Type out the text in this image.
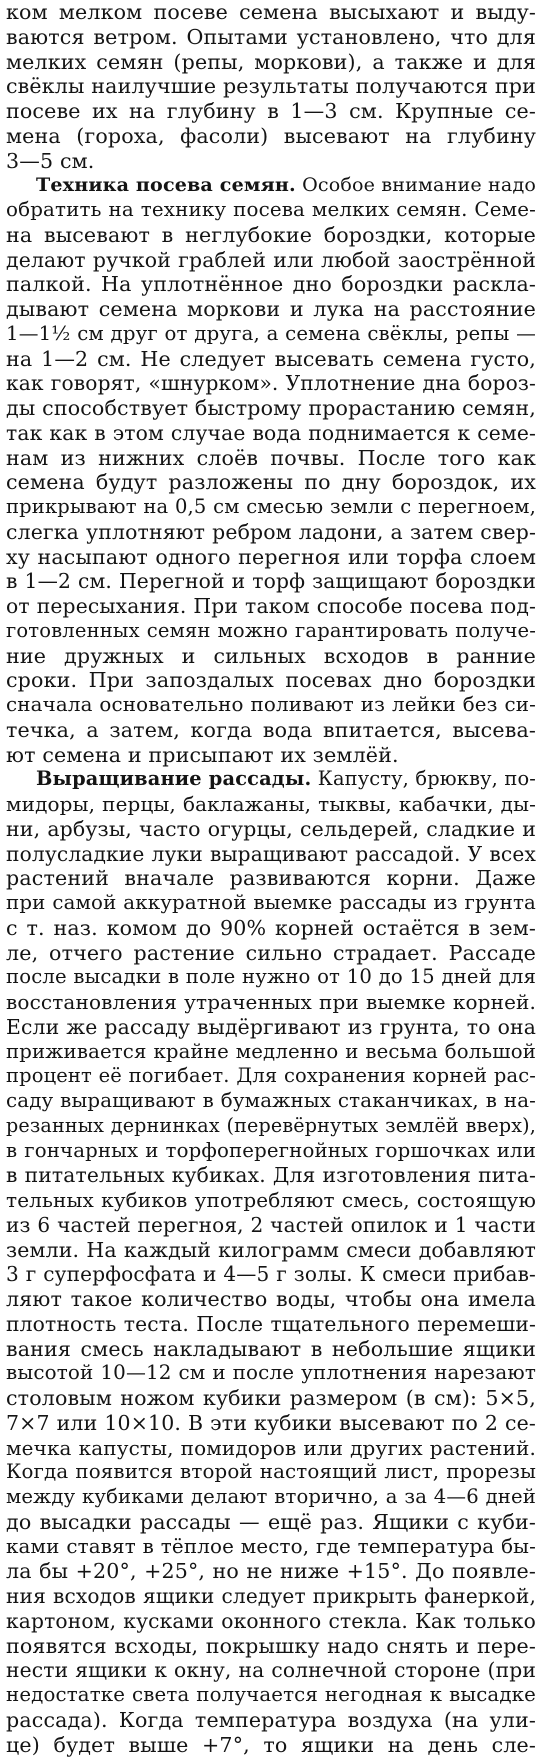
ком мелком посеве семена высыхают и выду-
ваются ветром. Опытами установлено, что для
мелких семян (репы, моркови), а также и для
свёклы наилучшие результаты получаются при
посеве их на глубину в 1—3 см. Крупные се-
мена (гороха, фасоли) высевают на глубину
3—5 см.
Техника посева семян. Особое внимание надо
обратить на технику посева мелких семян. Семе-
на высевают в неглубокие бороздки, которые
делают ручкой граблей или любой заострённой
палкой. На уплотнённое дно бороздки раскла-
дывают семена моркови и лука на расстояние
1—1½ см друг от друга, а семена свёклы, репы —
на 1—2 см. Не следует высевать семена густо,
как говорят, «шнурком». Уплотнение дна бороз-
ды способствует быстрому прорастанию семян,
так как в этом случае вода поднимается к семе-
нам из нижних слоёв почвы. После того как
семена будут разложены по дну бороздок, их
прикрывают на 0,5 см смесью земли с перегноем,
слегка уплотняют ребром ладони, а затем свер-
ху насыпают одного перегноя или торфа слоем
в 1—2 см. Перегной и торф защищают бороздки
от пересыхания. При таком способе посева под-
готовленных семян можно гарантировать получе-
ние дружных и сильных всходов в ранние
сроки. При запоздалых посевах дно бороздки
сначала основательно поливают из лейки без си-
течка, а затем, когда вода впитается, высева-
ют семена и присыпают их землёй.
Выращивание рассады. Капусту, брюкву, по-
мидоры, перцы, баклажаны, тыквы, кабачки, ды-
ни, арбузы, часто огурцы, сельдерей, сладкие и
полусладкие луки выращивают рассадой. У всех
растений вначале развиваются корни. Даже
при самой аккуратной выемке рассады из грунта
с т. наз. комом до 90% корней остаётся в зем-
ле, отчего растение сильно страдает. Рассаде
после высадки в поле нужно от 10 до 15 дней для
восстановления утраченных при выемке корней.
Если же рассаду выдёргивают из грунта, то она
приживается крайне медленно и весьма большой
процент её погибает. Для сохранения корней рас-
саду выращивают в бумажных стаканчиках, в на-
резанных дернинках (перевёрнутых землёй вверх),
в гончарных и торфоперегнойных горшочках или
в питательных кубиках. Для изготовления пита-
тельных кубиков употребляют смесь, состоящую
из 6 частей перегноя, 2 частей опилок и 1 части
земли. На каждый килограмм смеси добавляют
3 г суперфосфата и 4—5 г золы. К смеси прибав-
ляют такое количество воды, чтобы она имела
плотность теста. После тщательного перемеши-
вания смесь накладывают в небольшие ящики
высотой 10—12 см и после уплотнения нарезают
столовым ножом кубики размером (в см): 5×5,
7×7 или 10×10. В эти кубики высевают по 2 се-
мечка капусты, помидоров или других растений.
Когда появится второй настоящий лист, прорезы
между кубиками делают вторично, а за 4—6 дней
до высадки рассады — ещё раз. Ящики с куби-
ками ставят в тёплое место, где температура бы-
ла бы +20°, +25°, но не ниже +15°. До появле-
ния всходов ящики следует прикрыть фанеркой,
картоном, кусками оконного стекла. Как только
появятся всходы, покрышку надо снять и пере-
нести ящики к окну, на солнечной стороне (при
недостатке света получается негодная к высадке
рассада). Когда температура воздуха (на ули-
це) будет выше +7°, то ящики на день сле-
